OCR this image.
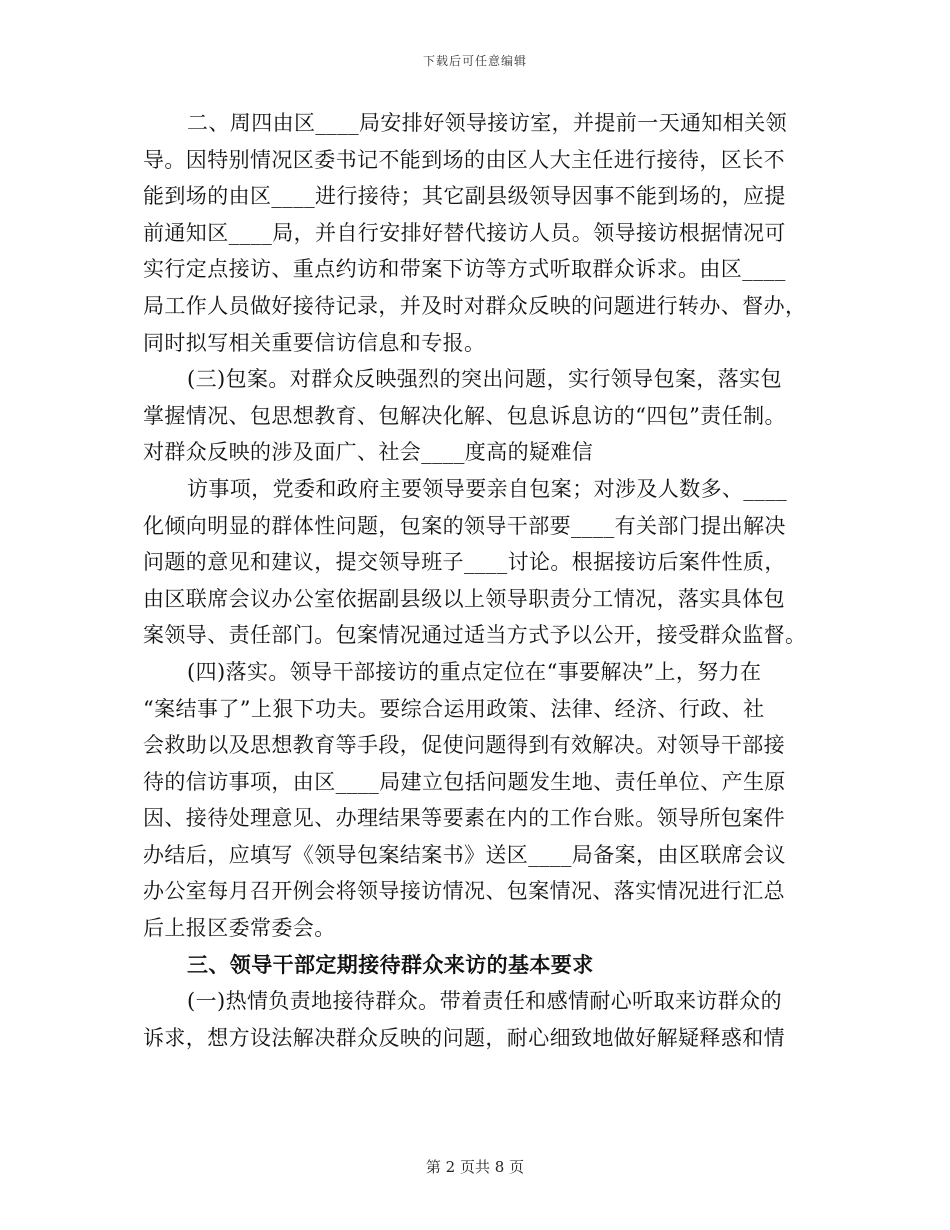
下载后可任意编辑
二、周四由区____局安排好领导接访室，并提前一天通知相关领
导。因特别情况区委书记不能到场的由区人大主任进行接待，区长不
能到场的由区____进行接待；其它副县级领导因事不能到场的，应提
前通知区____局，并自行安排好替代接访人员。领导接访根据情况可
实行定点接访、重点约访和带案下访等方式听取群众诉求。由区____
局工作人员做好接待记录，并及时对群众反映的问题进行转办、督办，
同时拟写相关重要信访信息和专报。
(三)包案。对群众反映强烈的突出问题，实行领导包案，落实包
掌握情况、包思想教育、包解决化解、包息诉息访的“四包”责任制。
对群众反映的涉及面广、社会____度高的疑难信
访事项，党委和政府主要领导要亲自包案；对涉及人数多、____
化倾向明显的群体性问题，包案的领导干部要____有关部门提出解决
问题的意见和建议，提交领导班子____讨论。根据接访后案件性质，
由区联席会议办公室依据副县级以上领导职责分工情况，落实具体包
案领导、责任部门。包案情况通过适当方式予以公开，接受群众监督。
(四)落实。领导干部接访的重点定位在“事要解决”上，努力在
“案结事了”上狠下功夫。要综合运用政策、法律、经济、行政、社
会救助以及思想教育等手段，促使问题得到有效解决。对领导干部接
待的信访事项，由区____局建立包括问题发生地、责任单位、产生原
因、接待处理意见、办理结果等要素在内的工作台账。领导所包案件
办结后，应填写《领导包案结案书》送区____局备案，由区联席会议
办公室每月召开例会将领导接访情况、包案情况、落实情况进行汇总
后上报区委常委会。
三、领导干部定期接待群众来访的基本要求
(一)热情负责地接待群众。带着责任和感情耐心听取来访群众的
诉求，想方设法解决群众反映的问题，耐心细致地做好解疑释惑和情
第 2 页共 8 页
